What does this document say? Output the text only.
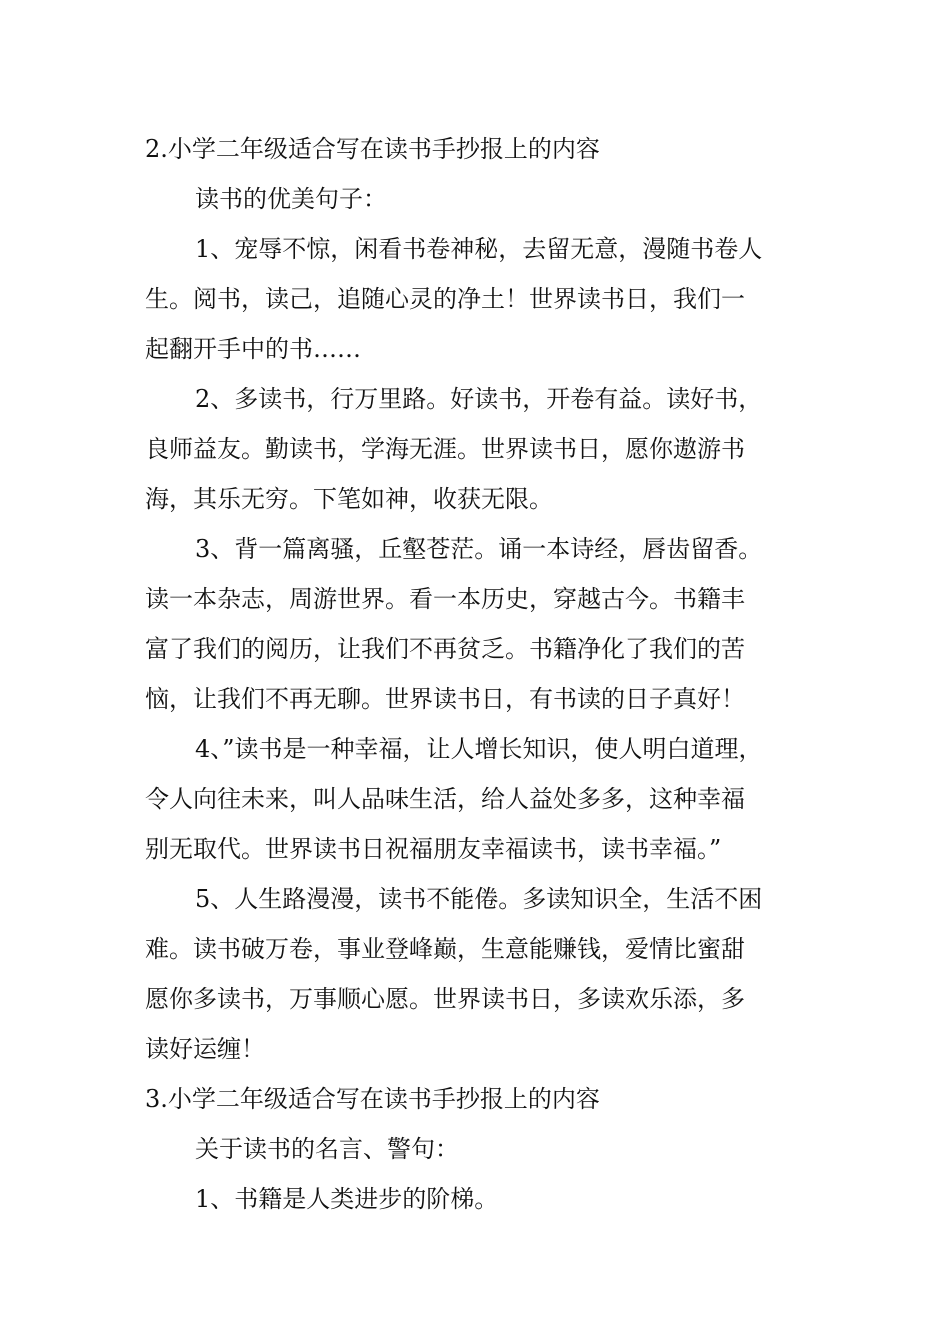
2.小学二年级适合写在读书手抄报上的内容
读书的优美句子：
1、宠辱不惊，闲看书卷神秘，去留无意，漫随书卷人
生。阅书，读己，追随心灵的净土！世界读书日，我们一
起翻开手中的书……
2、多读书，行万里路。好读书，开卷有益。读好书，
良师益友。勤读书，学海无涯。世界读书日，愿你遨游书
海，其乐无穷。下笔如神，收获无限。
3、背一篇离骚，丘壑苍茫。诵一本诗经，唇齿留香。
读一本杂志，周游世界。看一本历史，穿越古今。书籍丰
富了我们的阅历，让我们不再贫乏。书籍净化了我们的苦
恼，让我们不再无聊。世界读书日，有书读的日子真好！
4、”读书是一种幸福，让人增长知识，使人明白道理，
令人向往未来，叫人品味生活，给人益处多多，这种幸福
别无取代。世界读书日祝福朋友幸福读书，读书幸福。”
5、人生路漫漫，读书不能倦。多读知识全，生活不困
难。读书破万卷，事业登峰巅，生意能赚钱，爱情比蜜甜
愿你多读书，万事顺心愿。世界读书日，多读欢乐添，多
读好运缠！
3.小学二年级适合写在读书手抄报上的内容
关于读书的名言、警句：
1、书籍是人类进步的阶梯。
